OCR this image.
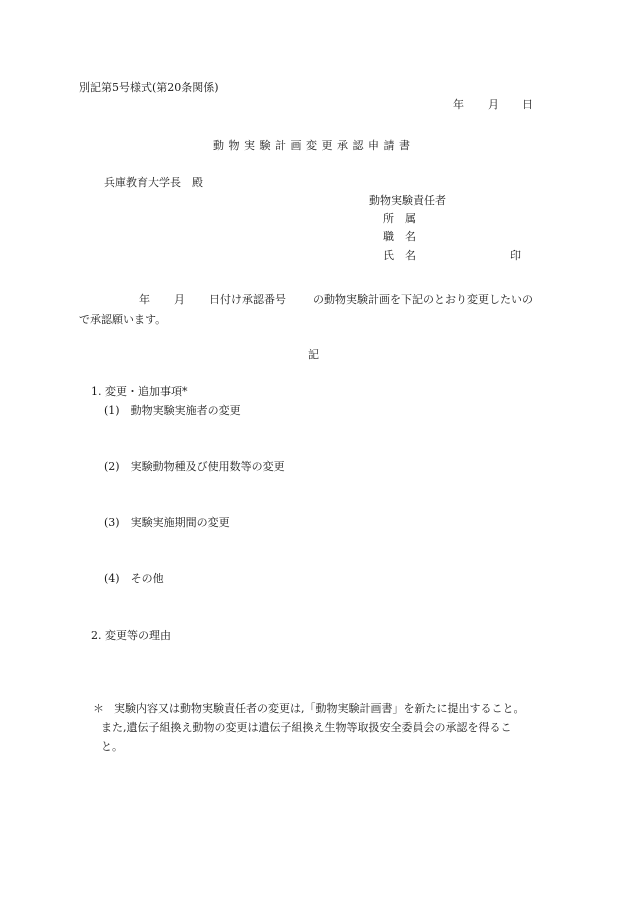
別記第5号様式(第20条関係)
年 月 日
動物実験計画変更承認申請書
兵庫教育大学長　殿
動物実験責任者
所　属
職　名
氏　名	印
年 月 日付け承認番号 の動物実験計画を下記のとおり変更したいの
で承認願います。
記
1. 変更・追加事項*
(1)　動物実験実施者の変更
(2)　実験動物種及び使用数等の変更
(3)　実験実施期間の変更
(4)　その他
2. 変更等の理由
＊ 実験内容又は動物実験責任者の変更は,「動物実験計画書」を新たに提出すること。
また,遺伝子組換え動物の変更は遺伝子組換え生物等取扱安全委員会の承認を得るこ
と。
